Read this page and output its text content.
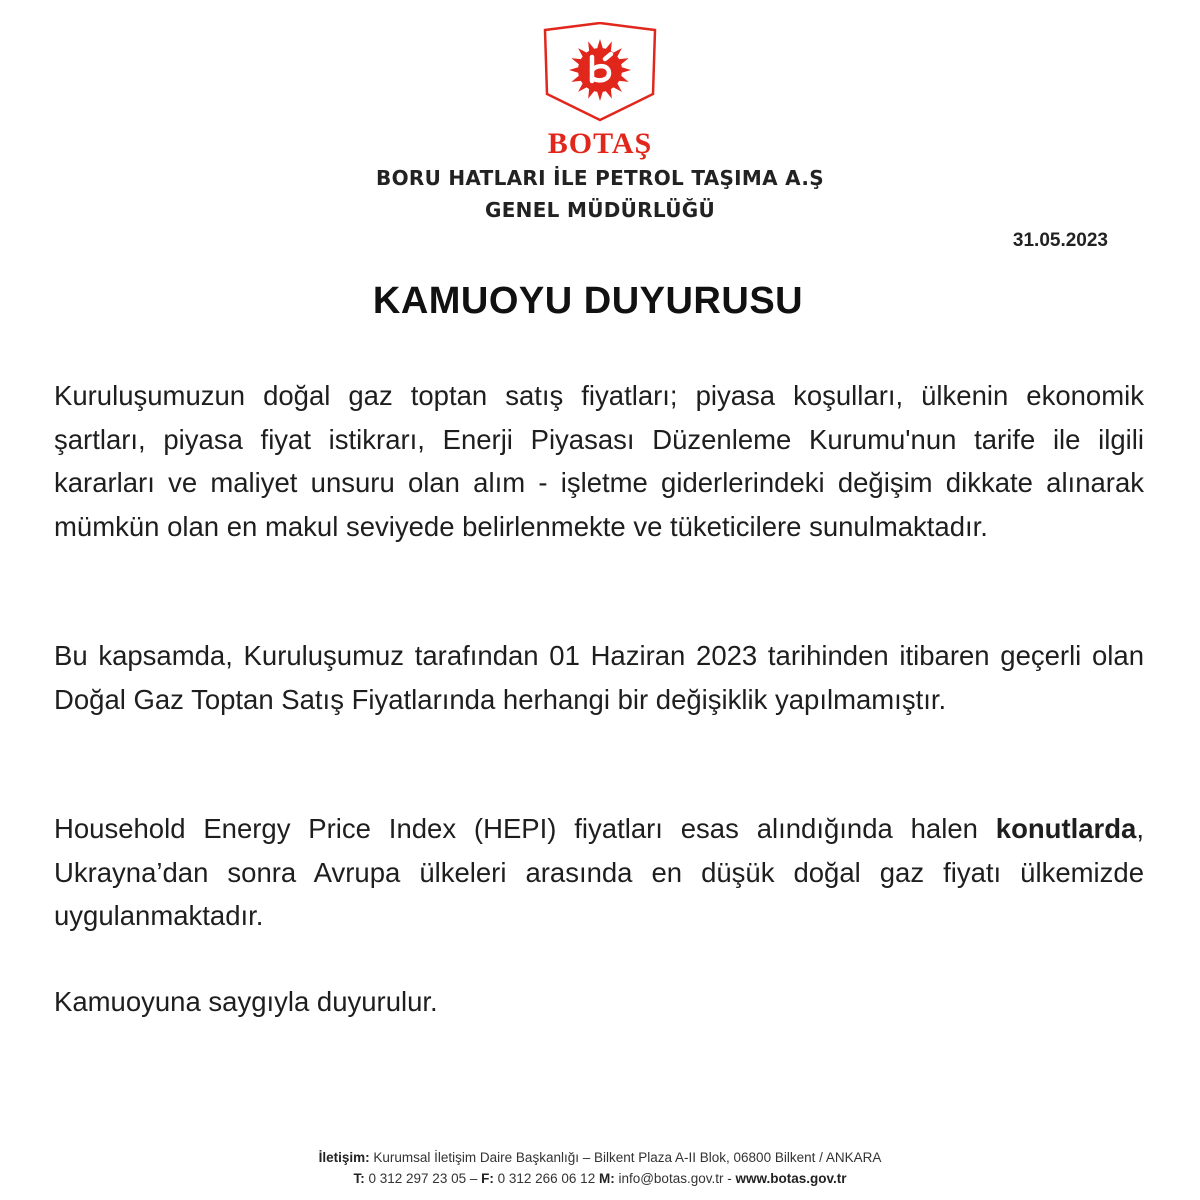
BOTAŞ
BORU HATLARI İLE PETROL TAŞIMA A.Ş
GENEL MÜDÜRLÜĞÜ
31.05.2023
KAMUOYU DUYURUSU

Kuruluşumuzun doğal gaz toptan satış fiyatları; piyasa koşulları, ülkenin ekonomik şartları, piyasa fiyat istikrarı, Enerji Piyasası Düzenleme Kurumu'nun tarife ile ilgili kararları ve maliyet unsuru olan alım - işletme giderlerindeki değişim dikkate alınarak mümkün olan en makul seviyede belirlenmekte ve tüketicilere sunulmaktadır.

Bu kapsamda, Kuruluşumuz tarafından 01 Haziran 2023 tarihinden itibaren geçerli olan Doğal Gaz Toptan Satış Fiyatlarında herhangi bir değişiklik yapılmamıştır.

Household Energy Price Index (HEPI) fiyatları esas alındığında halen konutlarda, Ukrayna’dan sonra Avrupa ülkeleri arasında en düşük doğal gaz fiyatı ülkemizde uygulanmaktadır.

Kamuoyuna saygıyla duyurulur.

İletişim: Kurumsal İletişim Daire Başkanlığı – Bilkent Plaza A-II Blok, 06800 Bilkent / ANKARA
T: 0 312 297 23 05 – F: 0 312 266 06 12 M: info@botas.gov.tr - www.botas.gov.tr
